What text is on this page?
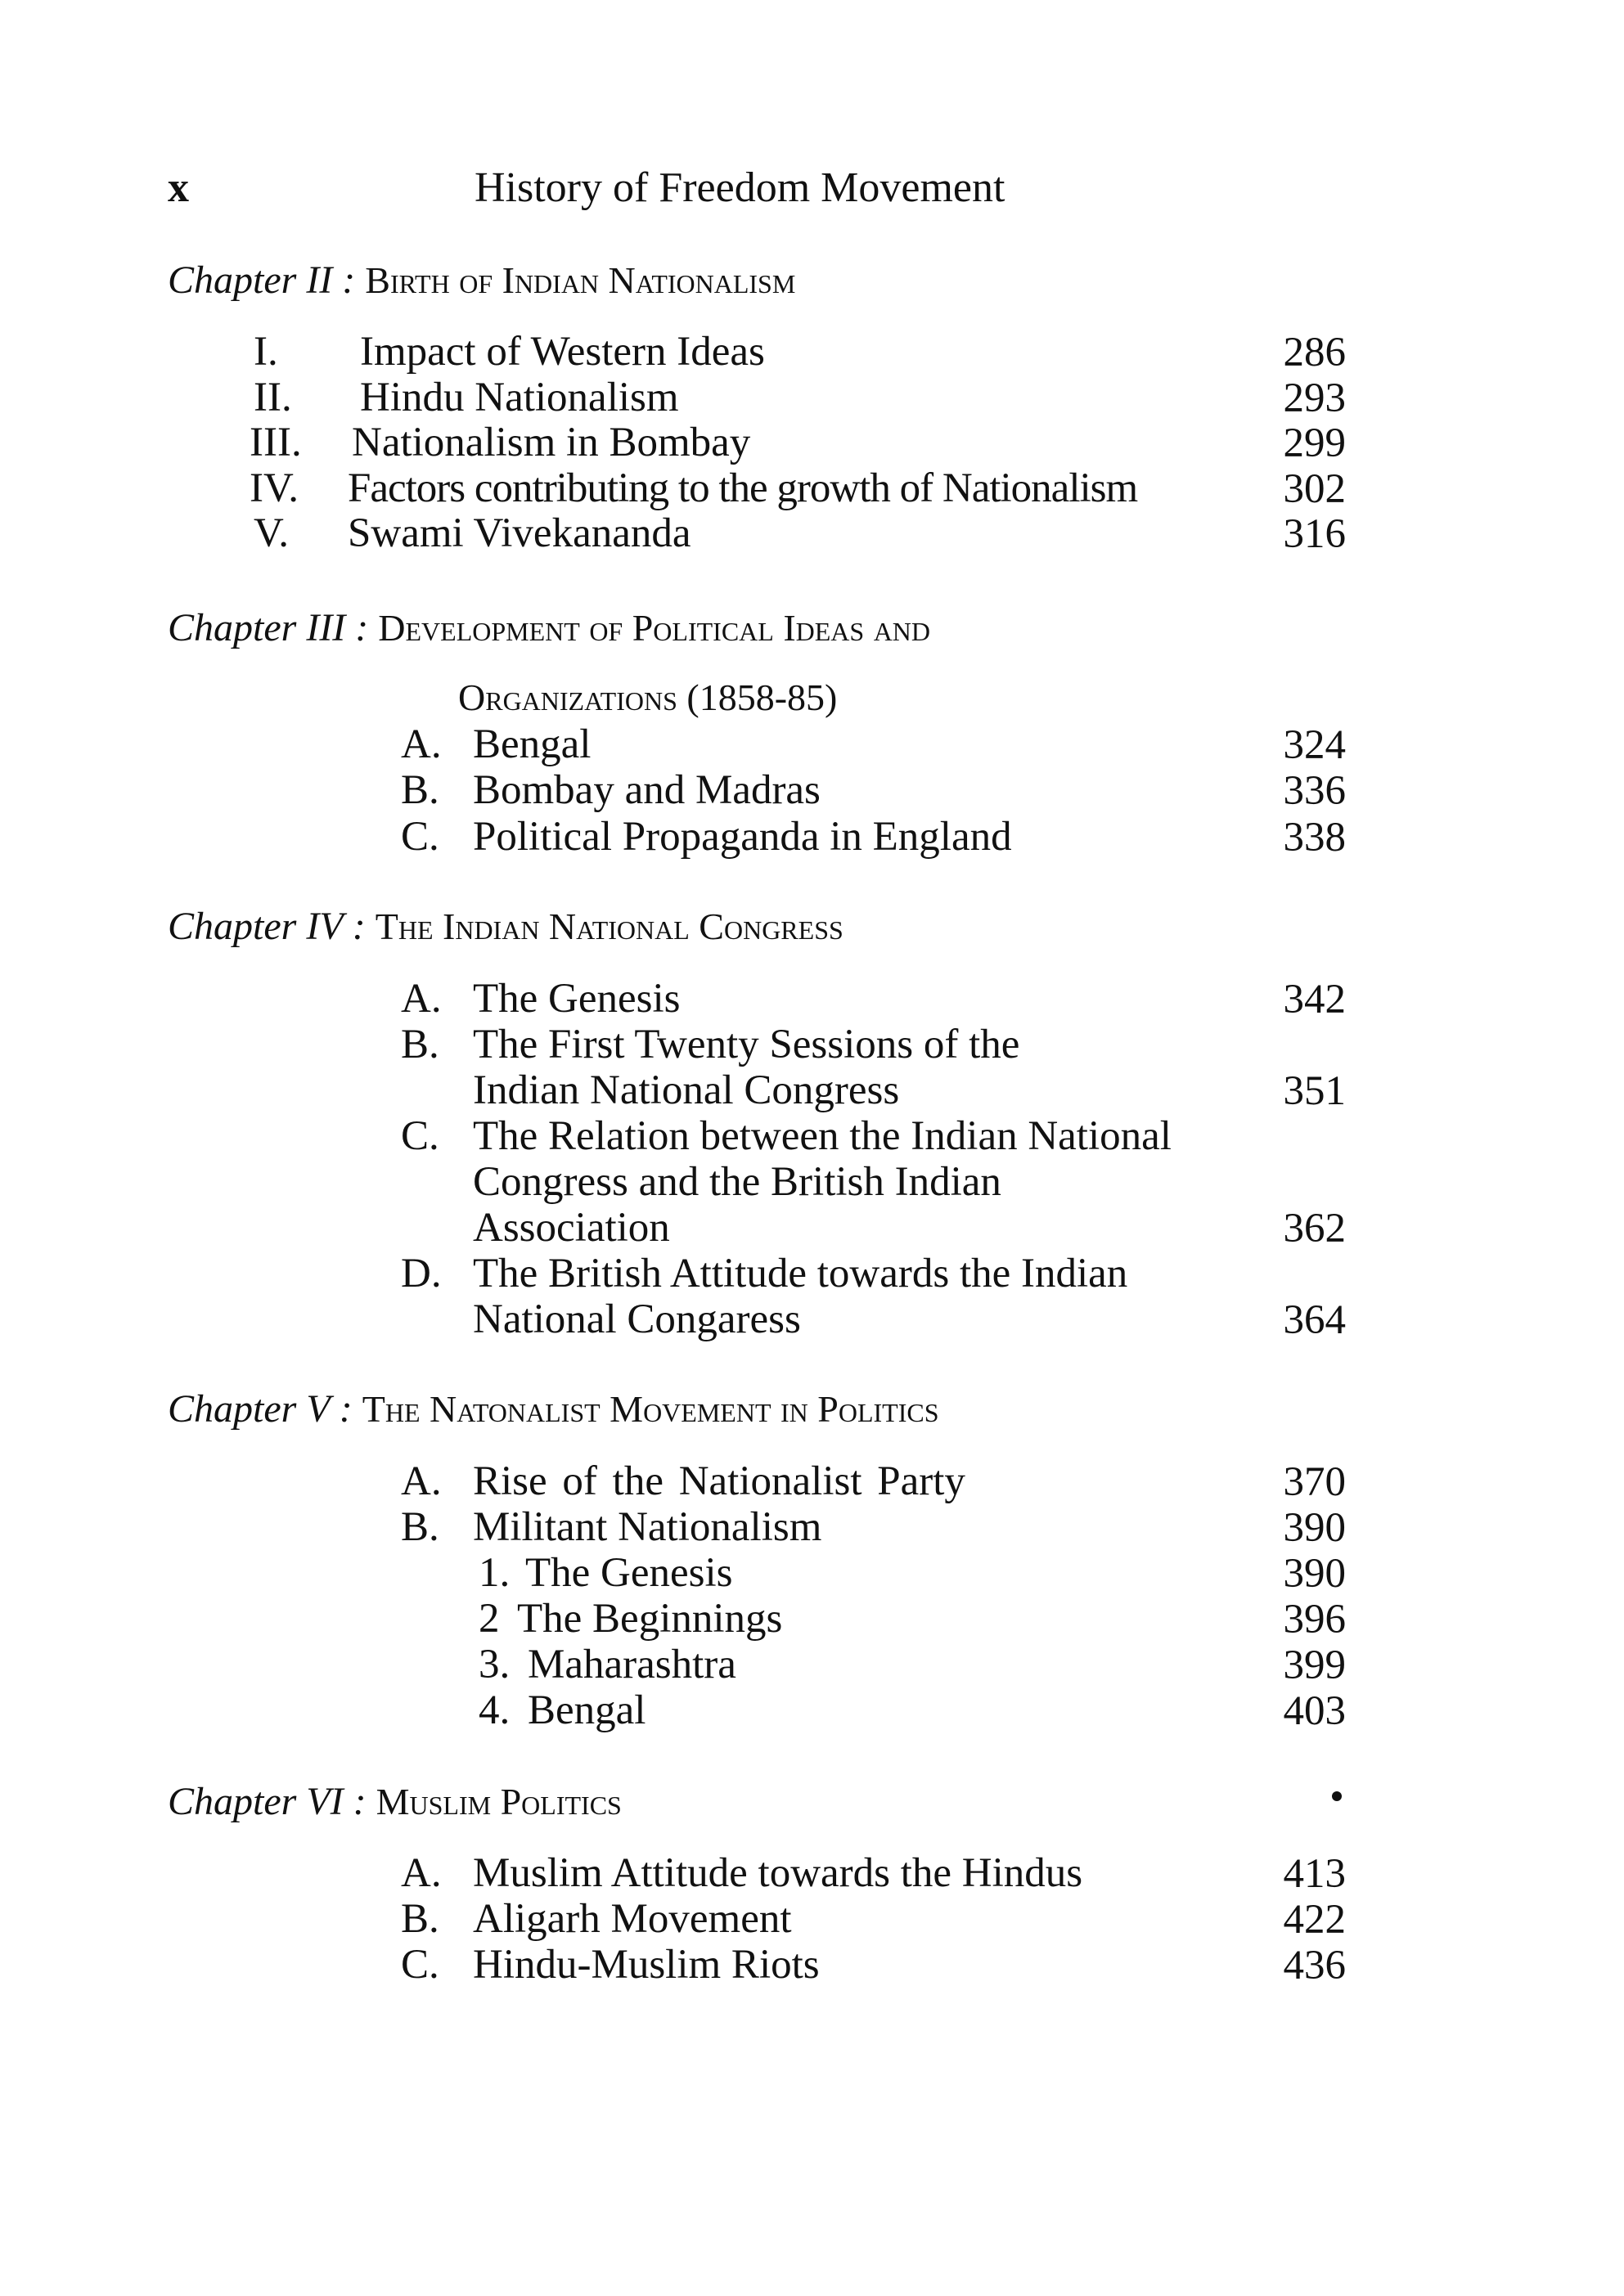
x	History of Freedom Movement
Chapter II : Birth of Indian Nationalism
I. Impact of Western Ideas	286
II. Hindu Nationalism	293
III. Nationalism in Bombay	299
IV. Factors contributing to the growth of Nationalism	302
V. Swami Vivekananda	316
Chapter III : Development of Political Ideas and
Organizations (1858-85)
A. Bengal	324
B. Bombay and Madras	336
C. Political Propaganda in England	338
Chapter IV : The Indian National Congress
A. The Genesis	342
B. The First Twenty Sessions of the
Indian National Congress	351
C. The Relation between the Indian National
Congress and the British Indian
Association	362
D. The British Attitude towards the Indian
National Congaress	364
Chapter V : The Natonalist Movement in Politics
A. Rise of the Nationalist Party	370
B. Militant Nationalism	390
1. The Genesis	390
2 The Beginnings	396
3. Maharashtra	399
4. Bengal	403
Chapter VI : Muslim Politics
A. Muslim Attitude towards the Hindus	413
B. Aligarh Movement	422
C. Hindu-Muslim Riots	436
